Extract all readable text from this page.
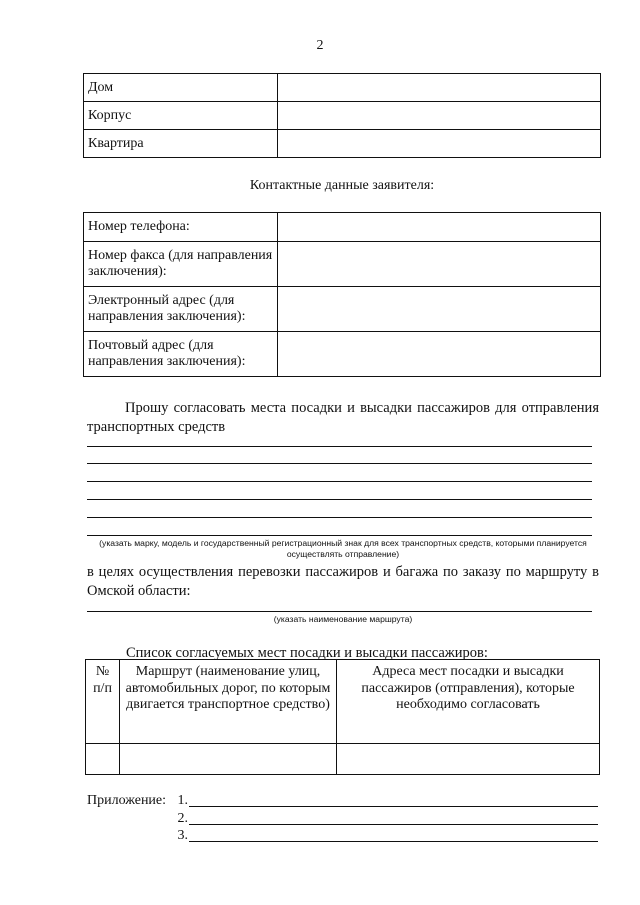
2
Дом	
Корпус	
Квартира	
Контактные данные заявителя:
Номер телефона:	
Номер факса (для направления заключения):	
Электронный адрес (для направления заключения):	
Почтовый адрес (для направления заключения):	
Прошу согласовать места посадки и высадки пассажиров для отправления транспортных средств
(указать марку, модель и государственный регистрационный знак для всех транспортных средств, которыми планируется осуществлять отправление)
в целях осуществления перевозки пассажиров и багажа по заказу по маршруту в Омской области:
(указать наименование маршрута)
Список согласуемых мест посадки и высадки пассажиров:
№ п/п	Маршрут (наименование улиц, автомобильных дорог, по которым двигается транспортное средство)	Адреса мест посадки и высадки пассажиров (отправления), которые необходимо согласовать

Приложение: 1.
2.
3.
